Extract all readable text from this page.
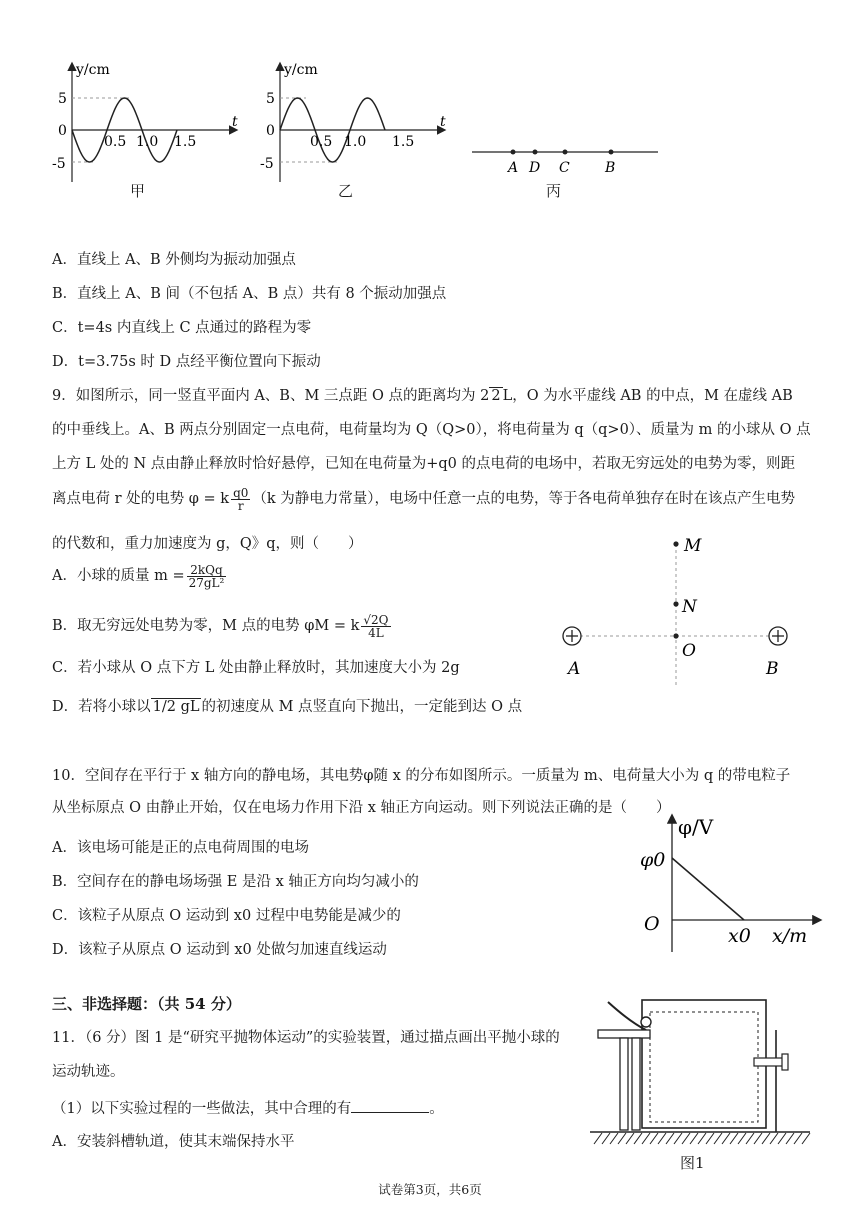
y/cm
t
5
0
-5
0.5 1.0 1.5
甲
y/cm
t
5
0
-5
0.5 1.0 1.5
乙
A D C	B
丙
A．直线上 A、B 外侧均为振动加强点
B．直线上 A、B 间（不包括 A、B 点）共有 8 个振动加强点
C．t=4s 内直线上 C 点通过的路程为零
D．t=3.75s 时 D 点经平衡位置向下振动
9．如图所示，同一竖直平面内 A、B、M 三点距 O 点的距离均为 2 2 L，O 为水平虚线 AB 的中点，M 在虚线 AB
的中垂线上。A、B 两点分别固定一点电荷，电荷量均为 Q（Q>0），将电荷量为 q（q>0）、质量为 m 的小球从 O 点
上方 L 处的 N 点由静止释放时恰好悬停，已知在电荷量为+q0 的点电荷的电场中，若取无穷远处的电势为零，则距
离点电荷 r 处的电势 φ = k $\frac{q0}{r} (k$ 为静电力常量），电场中任意一点的电势，等于各电荷单独存在时在该点产生电势
的代数和，重力加速度为 g，Q》q，则（　　）
A．小球的质量 $m = \frac{\text{2kQq}}{\text{27gL²}}$
B．取无穷远处电势为零，M 点的电势 φM = k $\frac{√2Q}{4L}$
C．若小球从 O 点下方 L 处由静止释放时，其加速度大小为 2g
D．若将小球以 1/2 gL 的初速度从 M 点竖直向下抛出，一定能到达 O 点
M
N
O
A	B
10．空间存在平行于 x 轴方向的静电场，其电势φ随 x 的分布如图所示。一质量为 m、电荷量大小为 q 的带电粒子
从坐标原点 O 由静止开始，仅在电场力作用下沿 x 轴正方向运动。则下列说法正确的是（　　）
A．该电场可能是正的点电荷周围的电场
B．空间存在的静电场场强 E 是沿 x 轴正方向均匀减小的
C．该粒子从原点 O 运动到 x0 过程中电势能是减少的
D．该粒子从原点 O 运动到 x0 处做匀加速直线运动
φ/V
φ0
O
x0 x/m
三、非选择题：（共 54 分）
11．（6 分）图 1 是“研究平抛物体运动”的实验装置，通过描点画出平抛小球的
运动轨迹。
（1）以下实验过程的一些做法，其中合理的有	。
A．安装斜槽轨道，使其末端保持水平
图1
试卷第3页，共6页
